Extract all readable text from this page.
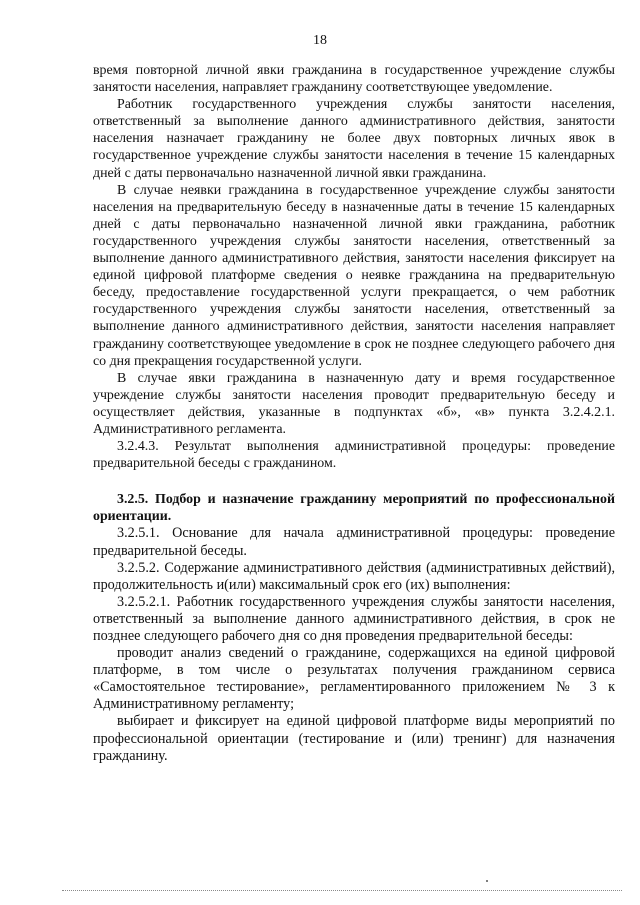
18

время повторной личной явки гражданина в государственное учреждение службы занятости населения, направляет гражданину соответствующее уведомление.

Работник государственного учреждения службы занятости населения, ответственный за выполнение данного административного действия, занятости населения назначает гражданину не более двух повторных личных явок в государственное учреждение службы занятости населения в течение 15 календарных дней с даты первоначально назначенной личной явки гражданина.

В случае неявки гражданина в государственное учреждение службы занятости населения на предварительную беседу в назначенные даты в течение 15 календарных дней с даты первоначально назначенной личной явки гражданина, работник государственного учреждения службы занятости населения, ответственный за выполнение данного административного действия, занятости населения фиксирует на единой цифровой платформе сведения о неявке гражданина на предварительную беседу, предоставление государственной услуги прекращается, о чем работник государственного учреждения службы занятости населения, ответственный за выполнение данного административного действия, занятости населения направляет гражданину соответствующее уведомление в срок не позднее следующего рабочего дня со дня прекращения государственной услуги.

В случае явки гражданина в назначенную дату и время государственное учреждение службы занятости населения проводит предварительную беседу и осуществляет действия, указанные в подпунктах «б», «в» пункта 3.2.4.2.1. Административного регламента.

3.2.4.3. Результат выполнения административной процедуры: проведение предварительной беседы с гражданином.

3.2.5. Подбор и назначение гражданину мероприятий по профессиональной ориентации.

3.2.5.1. Основание для начала административной процедуры: проведение предварительной беседы.

3.2.5.2. Содержание административного действия (административных действий), продолжительность и(или) максимальный срок его (их) выполнения:

3.2.5.2.1. Работник государственного учреждения службы занятости населения, ответственный за выполнение данного административного действия, в срок не позднее следующего рабочего дня со дня проведения предварительной беседы:

проводит анализ сведений о гражданине, содержащихся на единой цифровой платформе, в том числе о результатах получения гражданином сервиса «Самостоятельное тестирование», регламентированного приложением № 3 к Административному регламенту;

выбирает и фиксирует на единой цифровой платформе виды мероприятий по профессиональной ориентации (тестирование и (или) тренинг) для назначения гражданину.
